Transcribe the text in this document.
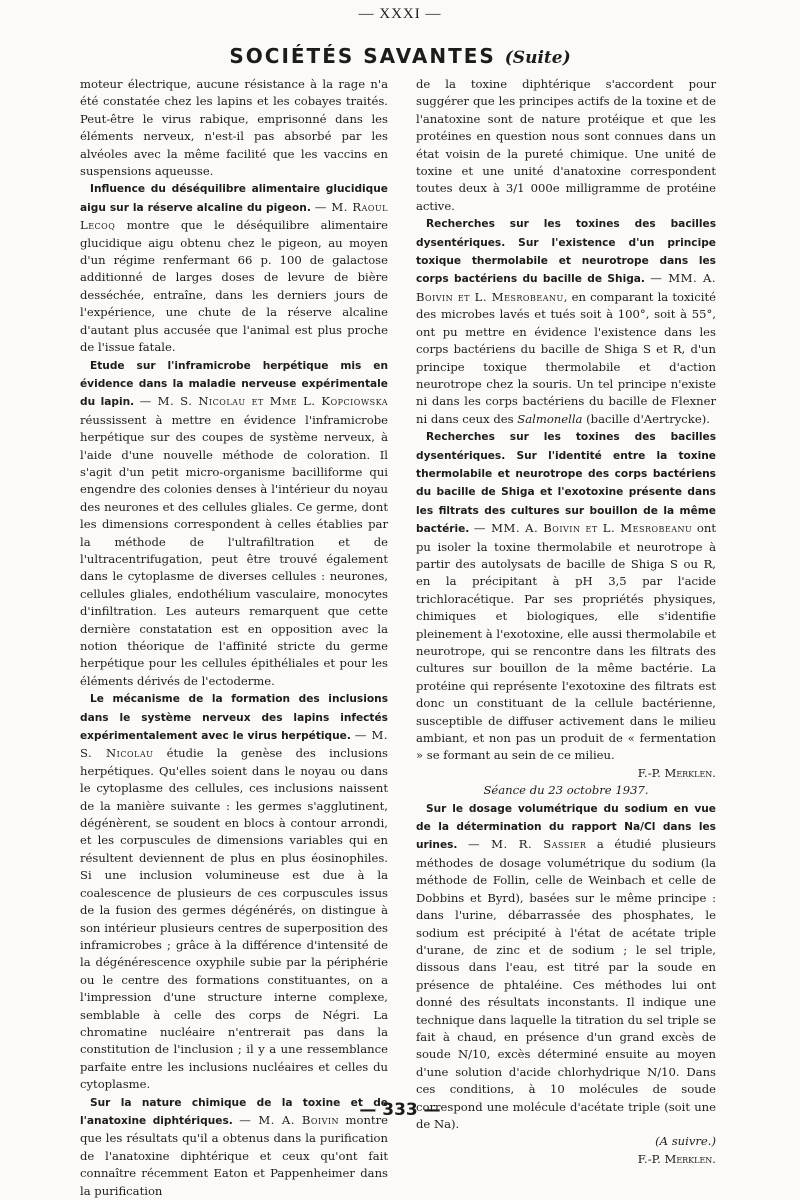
— XXXI —
SOCIÉTÉS SAVANTES (Suite)

moteur électrique, aucune résistance à la rage n'a été constatée chez les lapins et les cobayes traités. Peut-être le virus rabique, emprisonné dans les éléments nerveux, n'est-il pas absorbé par les alvéoles avec la même facilité que les vaccins en suspensions aqueusse.

Influence du déséquilibre alimentaire glucidique aigu sur la réserve alcaline du pigeon. — M. Raoul Lecoq montre que le déséquilibre alimentaire glucidique aigu obtenu chez le pigeon, au moyen d'un régime renfermant 66 p. 100 de galactose additionné de larges doses de levure de bière desséchée, entraîne, dans les derniers jours de l'expérience, une chute de la réserve alcaline d'autant plus accusée que l'animal est plus proche de l'issue fatale.

Etude sur l'inframicrobe herpétique mis en évidence dans la maladie nerveuse expérimentale du lapin. — M. S. Nicolau et Mme L. Kopciowska réussissent à mettre en évidence l'inframicrobe herpétique sur des coupes de système nerveux, à l'aide d'une nouvelle méthode de coloration. Il s'agit d'un petit micro-organisme bacilliforme qui engendre des colonies denses à l'intérieur du noyau des neurones et des cellules gliales. Ce germe, dont les dimensions correspondent à celles établies par la méthode de l'ultrafiltration et de l'ultracentrifugation, peut être trouvé également dans le cytoplasme de diverses cellules : neurones, cellules gliales, endothélium vasculaire, monocytes d'infiltration. Les auteurs remarquent que cette dernière constatation est en opposition avec la notion théorique de l'affinité stricte du germe herpétique pour les cellules épithéliales et pour les éléments dérivés de l'ectoderme.

Le mécanisme de la formation des inclusions dans le système nerveux des lapins infectés expérimentalement avec le virus herpétique. — M. S. Nicolau étudie la genèse des inclusions herpétiques. Qu'elles soient dans le noyau ou dans le cytoplasme des cellules, ces inclusions naissent de la manière suivante : les germes s'agglutinent, dégénèrent, se soudent en blocs à contour arrondi, et les corpuscules de dimensions variables qui en résultent deviennent de plus en plus éosinophiles. Si une inclusion volumineuse est due à la coalescence de plusieurs de ces corpuscules issus de la fusion des germes dégénérés, on distingue à son intérieur plusieurs centres de superposition des inframicrobes ; grâce à la différence d'intensité de la dégénérescence oxyphile subie par la périphérie ou le centre des formations constituantes, on a l'impression d'une structure interne complexe, semblable à celle des corps de Négri. La chromatine nucléaire n'entrerait pas dans la constitution de l'inclusion ; il y a une ressemblance parfaite entre les inclusions nucléaires et celles du cytoplasme.

Sur la nature chimique de la toxine et de l'anatoxine diphtériques. — M. A. Boivin montre que les résultats qu'il a obtenus dans la purification de l'anatoxine diphtérique et ceux qu'ont fait connaître récemment Eaton et Pappenheimer dans la purification

de la toxine diphtérique s'accordent pour suggérer que les principes actifs de la toxine et de l'anatoxine sont de nature protéique et que les protéines en question nous sont connues dans un état voisin de la pureté chimique. Une unité de toxine et une unité d'anatoxine correspondent toutes deux à 3/1 000e milligramme de protéine active.

Recherches sur les toxines des bacilles dysentériques. Sur l'existence d'un principe toxique thermolabile et neurotrope dans les corps bactériens du bacille de Shiga. — MM. A. Boivin et L. Mesrobeanu, en comparant la toxicité des microbes lavés et tués soit à 100°, soit à 55°, ont pu mettre en évidence l'existence dans les corps bactériens du bacille de Shiga S et R, d'un principe toxique thermolabile et d'action neurotrope chez la souris. Un tel principe n'existe ni dans les corps bactériens du bacille de Flexner ni dans ceux des Salmonella (bacille d'Aertrycke).

Recherches sur les toxines des bacilles dysentériques. Sur l'identité entre la toxine thermolabile et neurotrope des corps bactériens du bacille de Shiga et l'exotoxine présente dans les filtrats des cultures sur bouillon de la même bactérie. — MM. A. Boivin et L. Mesrobeanu ont pu isoler la toxine thermolabile et neurotrope à partir des autolysats de bacille de Shiga S ou R, en la précipitant à pH 3,5 par l'acide trichloracétique. Par ses propriétés physiques, chimiques et biologiques, elle s'identifie pleinement à l'exotoxine, elle aussi thermolabile et neurotrope, qui se rencontre dans les filtrats des cultures sur bouillon de la même bactérie. La protéine qui représente l'exotoxine des filtrats est donc un constituant de la cellule bactérienne, susceptible de diffuser activement dans le milieu ambiant, et non pas un produit de « fermentation » se formant au sein de ce milieu.

F.-P. Merklen.

Séance du 23 octobre 1937.

Sur le dosage volumétrique du sodium en vue de la détermination du rapport Na/Cl dans les urines. — M. R. Sassier a étudié plusieurs méthodes de dosage volumétrique du sodium (la méthode de Follin, celle de Weinbach et celle de Dobbins et Byrd), basées sur le même principe : dans l'urine, débarrassée des phosphates, le sodium est précipité à l'état de acétate triple d'urane, de zinc et de sodium ; le sel triple, dissous dans l'eau, est titré par la soude en présence de phtaléine. Ces méthodes lui ont donné des résultats inconstants. Il indique une technique dans laquelle la titration du sel triple se fait à chaud, en présence d'un grand excès de soude N/10, excès déterminé ensuite au moyen d'une solution d'acide chlorhydrique N/10. Dans ces conditions, à 10 molécules de soude correspond une molécule d'acétate triple (soit une de Na).

(A suivre.)

F.-P. Merklen.

— 333 —
